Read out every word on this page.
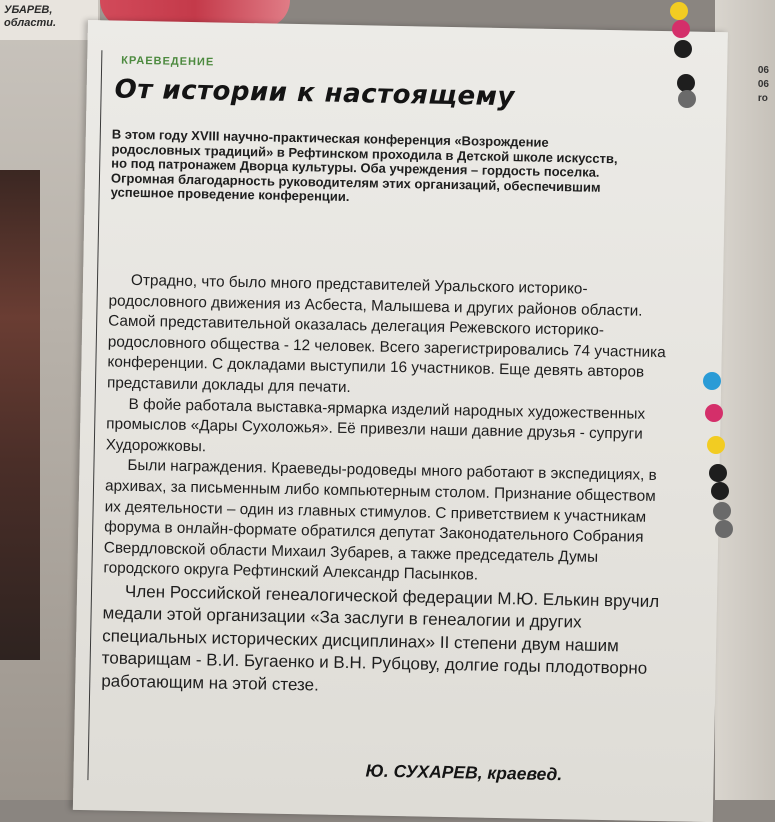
УБАРЕВ,
области.
06
06
ro
КРАЕВЕДЕНИЕ
От истории к настоящему
В этом году XVIII научно-практическая конференция «Возрождение родословных традиций» в Рефтинском проходила в Детской школе искусств, но под патронажем Дворца культуры. Оба учреждения – гордость поселка. Огромная благодарность руководителям этих организаций, обеспечившим успешное проведение конференции.

Отрадно, что было много представителей Уральского историко-родословного движения из Асбеста, Малышева и других районов области. Самой представительной оказалась делегация Режевского историко-родословного общества - 12 человек. Всего зарегистрировались 74 участника конференции. С докладами выступили 16 участников. Еще девять авторов представили доклады для печати.

В фойе работала выставка-ярмарка изделий народных художественных промыслов «Дары Сухоложья». Её привезли наши давние друзья - супруги Худорожковы.

Были награждения. Краеведы-родоведы много работают в экспедициях, в архивах, за письменным либо компьютерным столом. Признание обществом их деятельности – один из главных стимулов. С приветствием к участникам форума в онлайн-формате обратился депутат Законодательного Собрания Свердловской области Михаил Зубарев, а также председатель Думы городского округа Рефтинский Александр Пасынков.

Член Российской генеалогической федерации М.Ю. Елькин вручил медали этой организации «За заслуги в генеалогии и других специальных исторических дисциплинах» II степени двум нашим товарищам - В.И. Бугаенко и В.Н. Рубцову, долгие годы плодотворно работающим на этой стезе.

Ю. СУХАРЕВ, краевед.
